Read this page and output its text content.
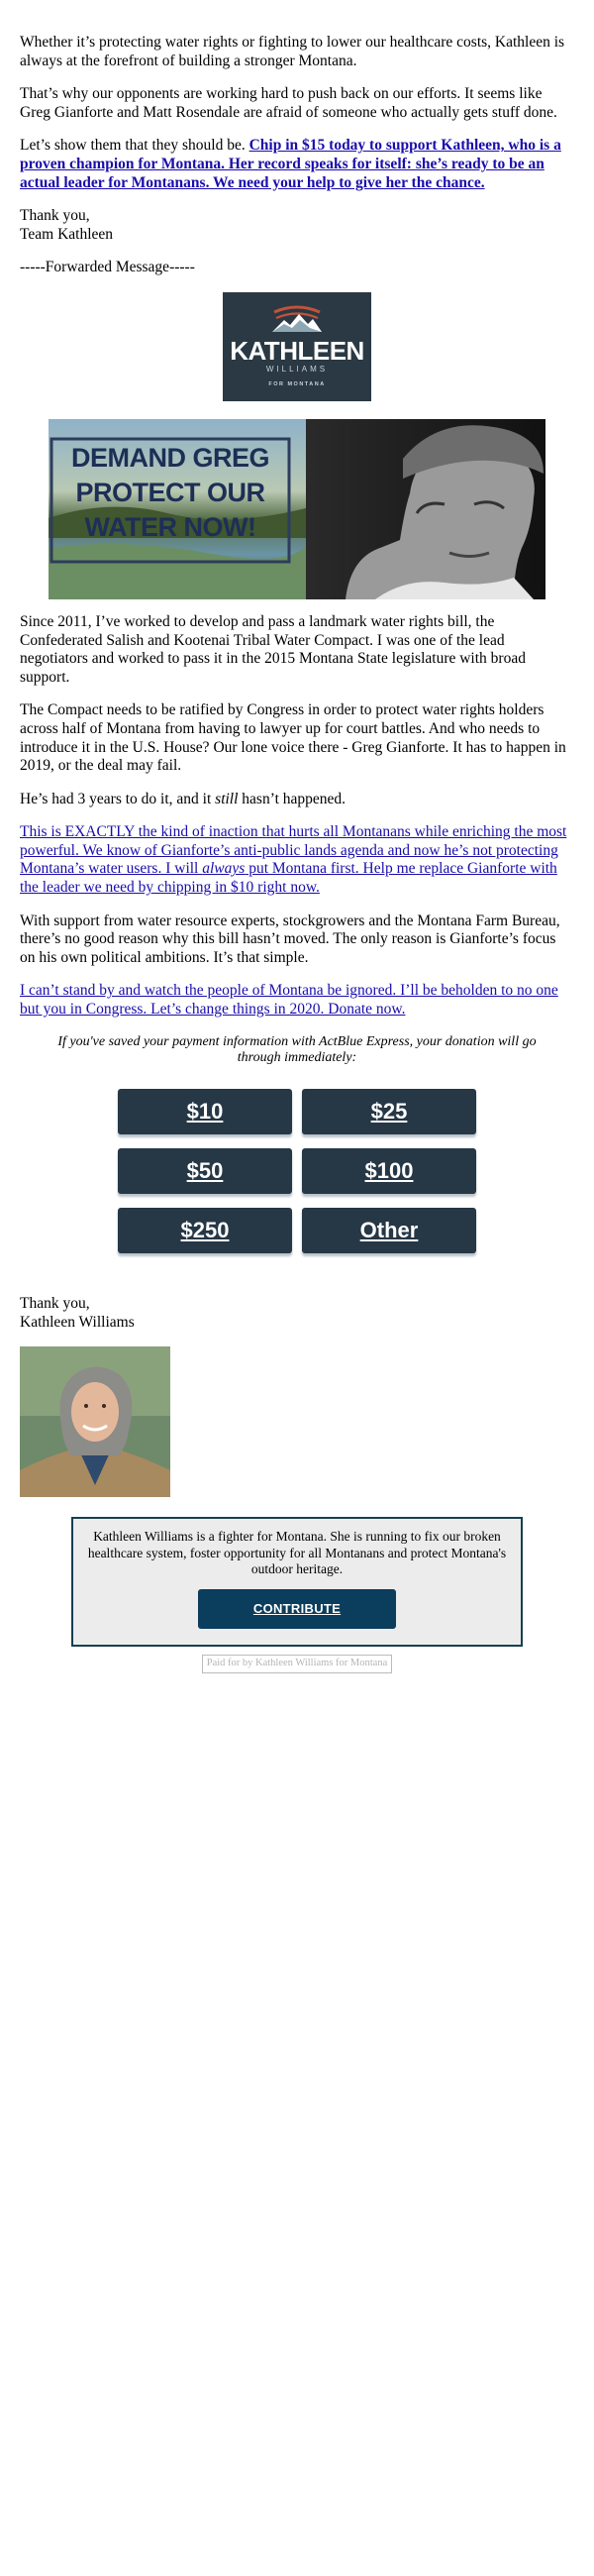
Whether it’s protecting water rights or fighting to lower our healthcare costs, Kathleen is always at the forefront of building a stronger Montana.

That’s why our opponents are working hard to push back on our efforts. It seems like Greg Gianforte and Matt Rosendale are afraid of someone who actually gets stuff done.

Let’s show them that they should be. Chip in $15 today to support Kathleen, who is a proven champion for Montana. Her record speaks for itself: she’s ready to be an actual leader for Montanans. We need your help to give her the chance.

Thank you,
Team Kathleen

-----Forwarded Message-----

KATHLEEN
WILLIAMS
FOR MONTANA
DEMAND GREG
PROTECT OUR
WATER NOW!

Since 2011, I’ve worked to develop and pass a landmark water rights bill, the Confederated Salish and Kootenai Tribal Water Compact. I was one of the lead negotiators and worked to pass it in the 2015 Montana State legislature with broad support.

The Compact needs to be ratified by Congress in order to protect water rights holders across half of Montana from having to lawyer up for court battles. And who needs to introduce it in the U.S. House? Our lone voice there - Greg Gianforte. It has to happen in 2019, or the deal may fail.

He’s had 3 years to do it, and it still hasn’t happened.

This is EXACTLY the kind of inaction that hurts all Montanans while enriching the most powerful. We know of Gianforte’s anti-public lands agenda and now he’s not protecting Montana’s water users. I will always put Montana first. Help me replace Gianforte with the leader we need by chipping in $10 right now.

With support from water resource experts, stockgrowers and the Montana Farm Bureau, there’s no good reason why this bill hasn’t moved. The only reason is Gianforte’s focus on his own political ambitions. It’s that simple.

I can’t stand by and watch the people of Montana be ignored. I’ll be beholden to no one but you in Congress. Let’s change things in 2020. Donate now.

If you've saved your payment information with ActBlue Express, your donation will go through immediately:
$10	$25
$50	$100
$250	Other

Thank you,
Kathleen Williams

Kathleen Williams is a fighter for Montana. She is running to fix our broken healthcare system, foster opportunity for all Montanans and protect Montana's outdoor heritage.
CONTRIBUTE
Paid for by Kathleen Williams for Montana
